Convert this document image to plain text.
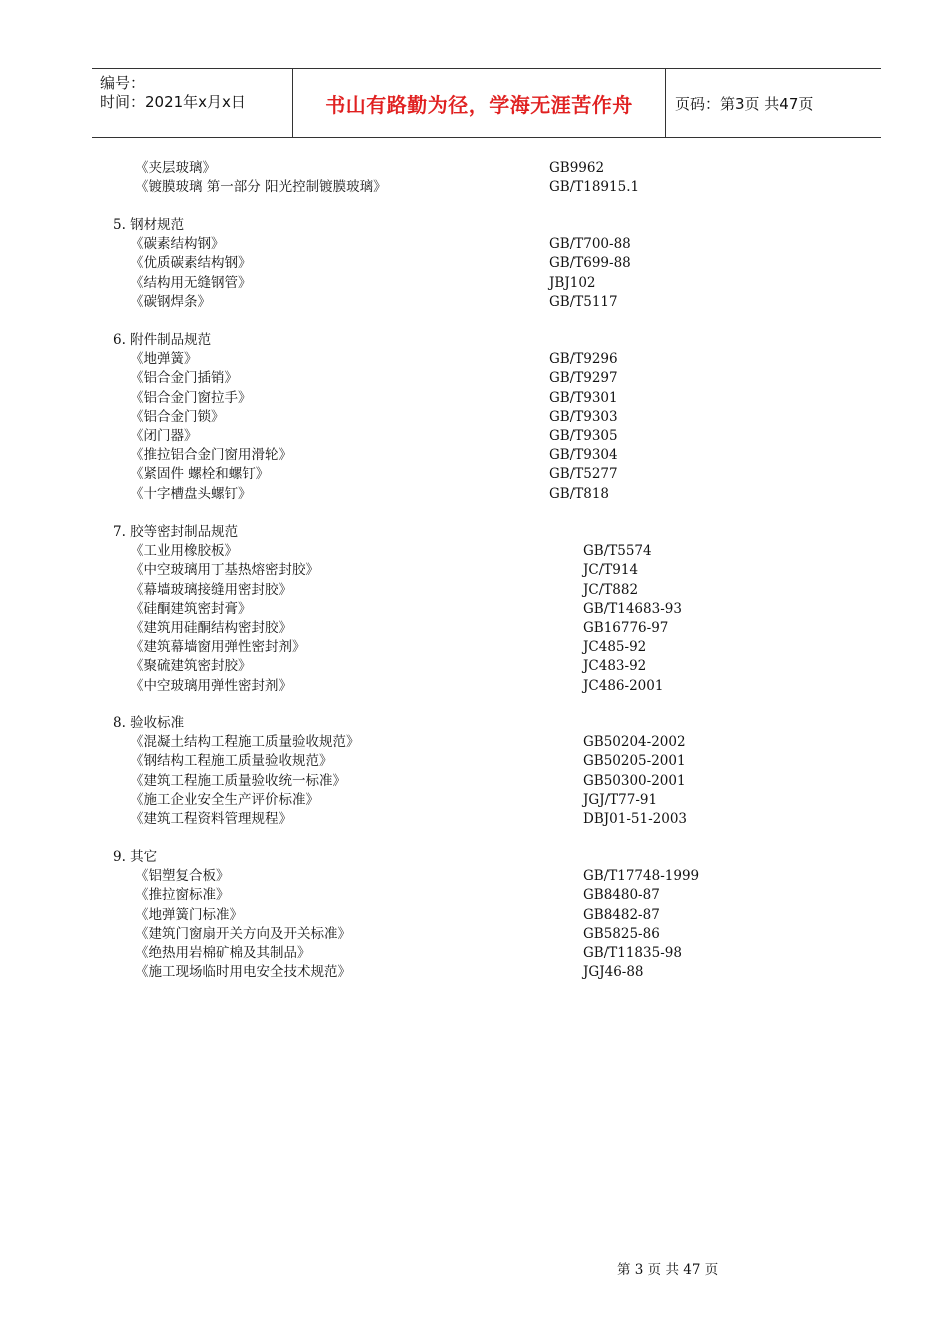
编号：
时间：2021年x月x日	书山有路勤为径，学海无涯苦作舟	页码：第3页 共47页
《夹层玻璃》	GB9962
《镀膜玻璃 第一部分 阳光控制镀膜玻璃》	GB/T18915.1
5. 钢材规范
《碳素结构钢》	GB/T700-88
《优质碳素结构钢》	GB/T699-88
《结构用无缝钢管》	JBJ102
《碳钢焊条》	GB/T5117
6. 附件制品规范
《地弹簧》	GB/T9296
《铝合金门插销》	GB/T9297
《铝合金门窗拉手》	GB/T9301
《铝合金门锁》	GB/T9303
《闭门器》	GB/T9305
《推拉铝合金门窗用滑轮》	GB/T9304
《紧固件 螺栓和螺钉》	GB/T5277
《十字槽盘头螺钉》	GB/T818
7. 胶等密封制品规范
《工业用橡胶板》	GB/T5574
《中空玻璃用丁基热熔密封胶》	JC/T914
《幕墙玻璃接缝用密封胶》	JC/T882
《硅酮建筑密封膏》	GB/T14683-93
《建筑用硅酮结构密封胶》	GB16776-97
《建筑幕墙窗用弹性密封剂》	JC485-92
《聚硫建筑密封胶》	JC483-92
《中空玻璃用弹性密封剂》	JC486-2001
8. 验收标准
《混凝土结构工程施工质量验收规范》	GB50204-2002
《钢结构工程施工质量验收规范》	GB50205-2001
《建筑工程施工质量验收统一标准》	GB50300-2001
《施工企业安全生产评价标准》	JGJ/T77-91
《建筑工程资料管理规程》	DBJ01-51-2003
9. 其它
《铝塑复合板》	GB/T17748-1999
《推拉窗标准》	GB8480-87
《地弹簧门标准》	GB8482-87
《建筑门窗扇开关方向及开关标准》	GB5825-86
《绝热用岩棉矿棉及其制品》	GB/T11835-98
《施工现场临时用电安全技术规范》	JGJ46-88
第 3 页 共 47 页
